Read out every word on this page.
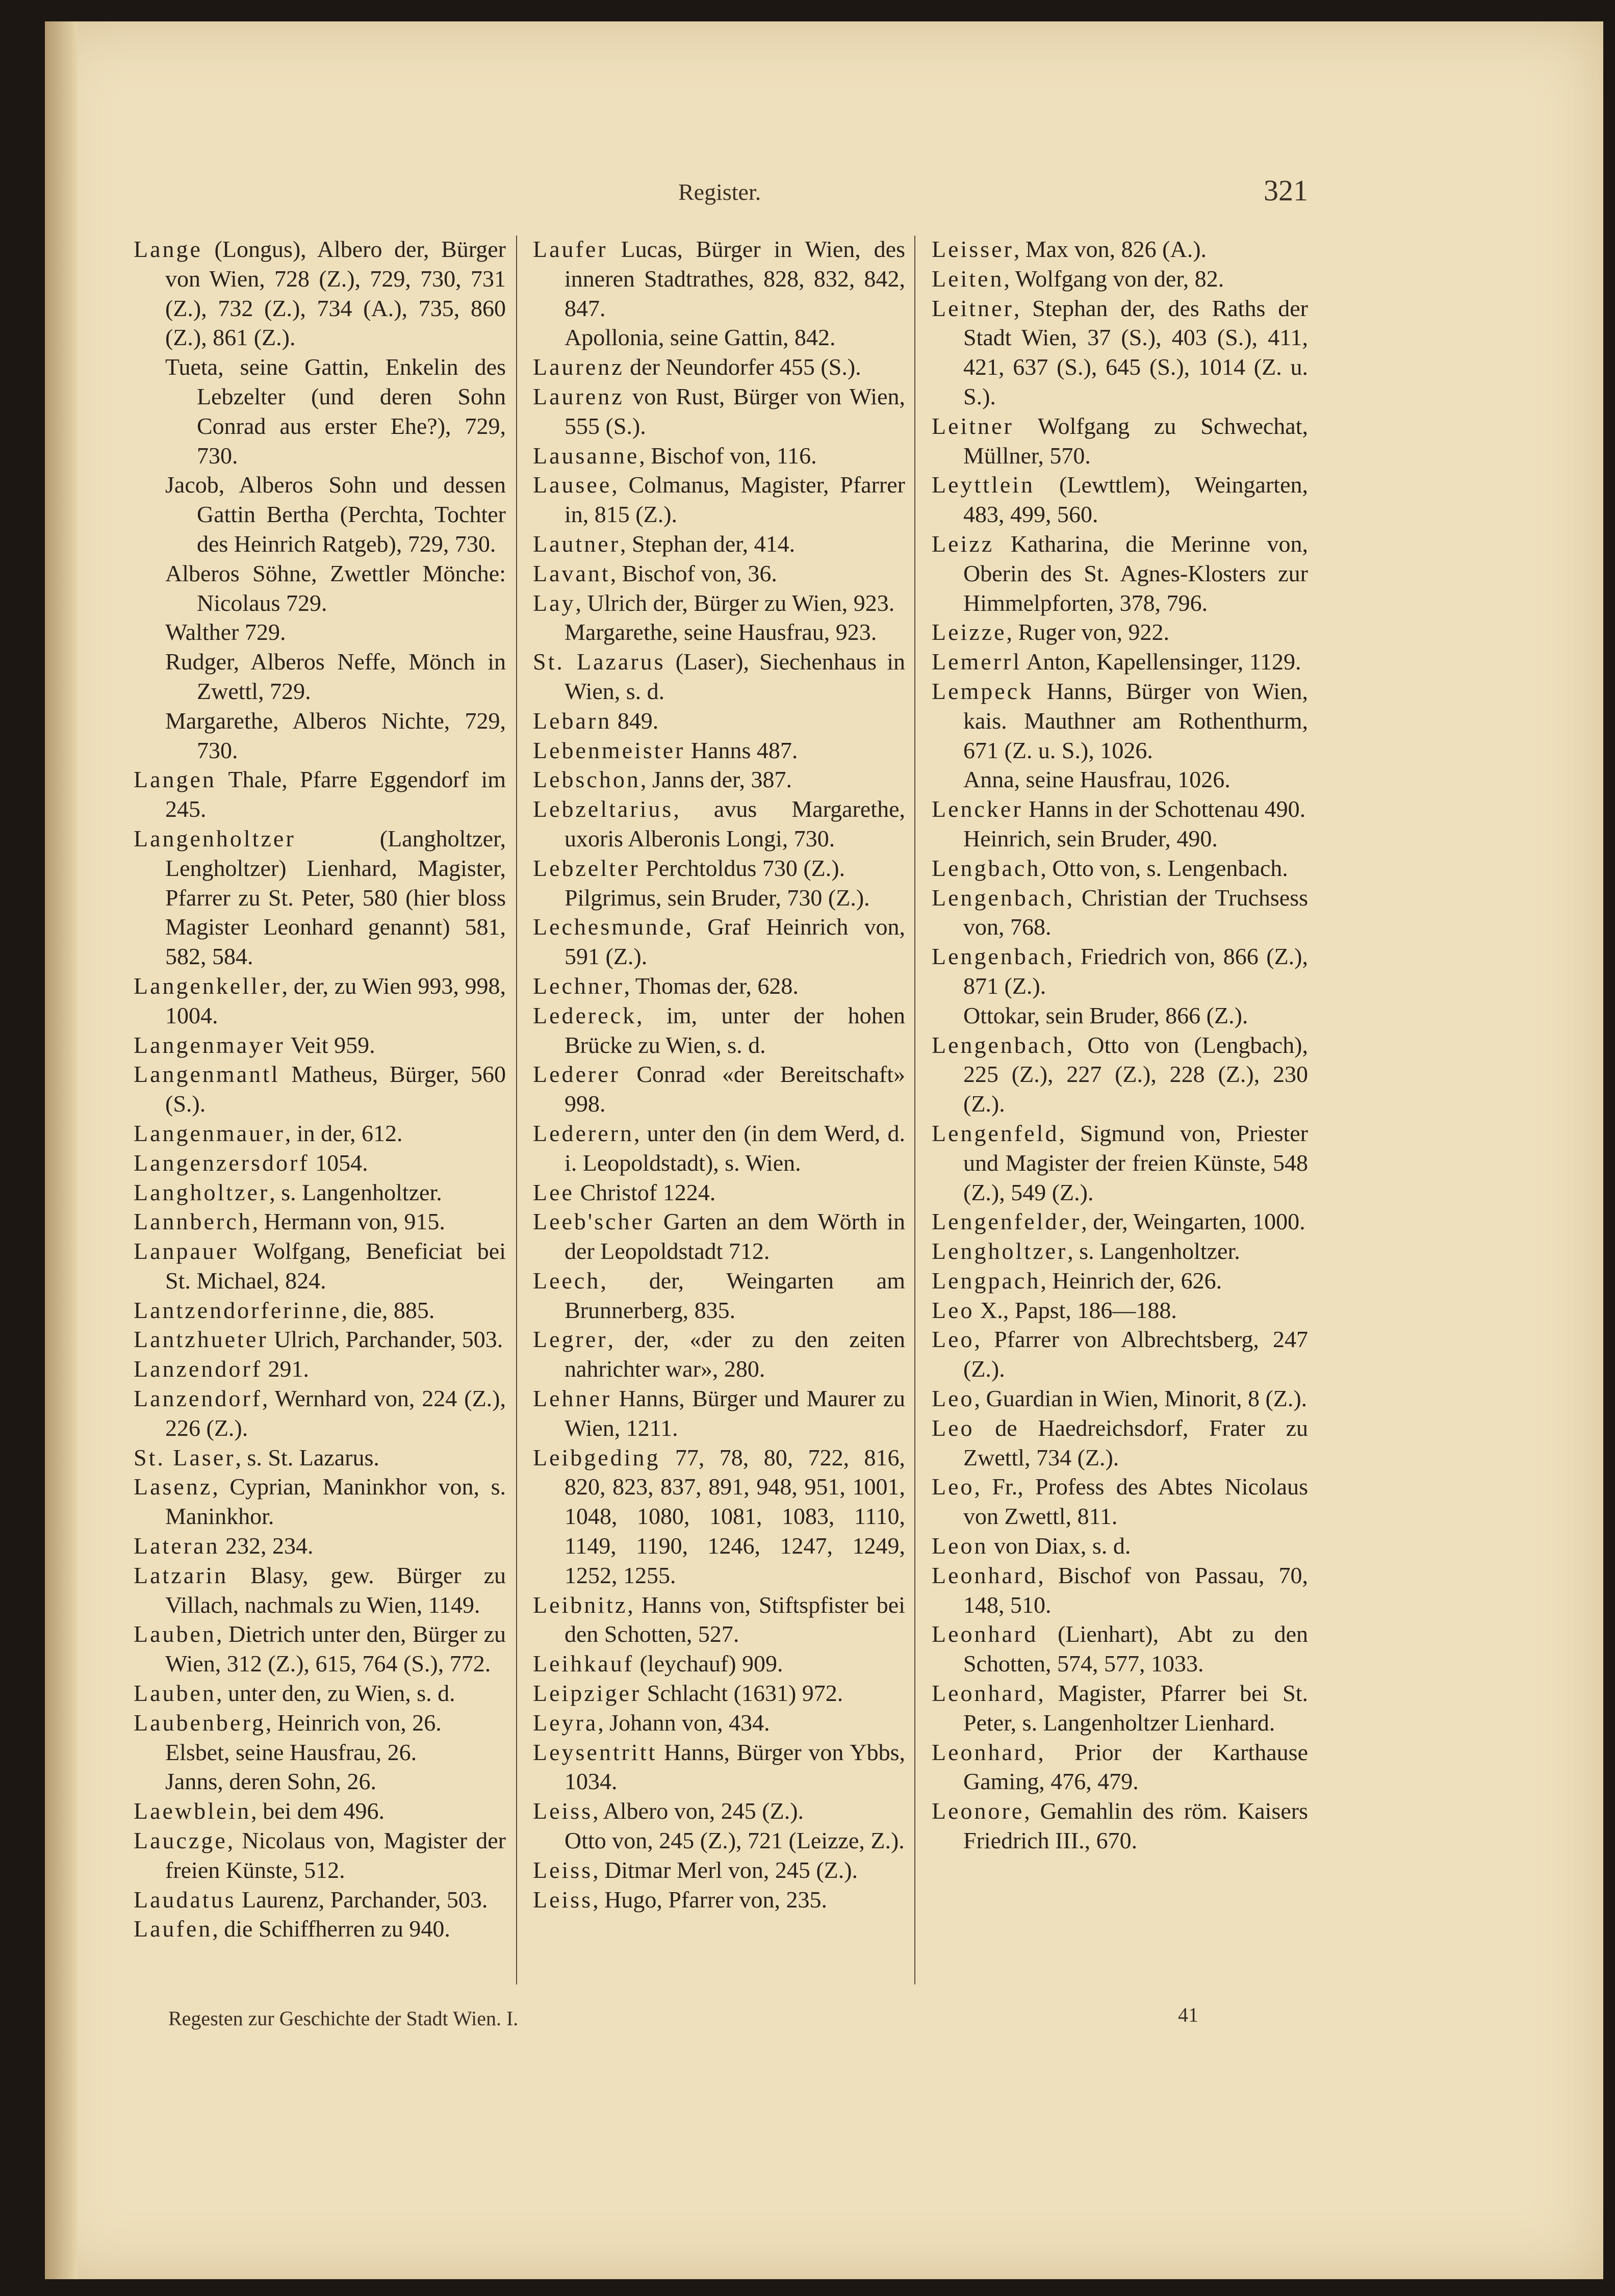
Register.	321

Lange (Longus), Albero der, Bürger von Wien, 728 (Z.), 729, 730, 731 (Z.), 732 (Z.), 734 (A.), 735, 860 (Z.), 861 (Z.).

Tueta, seine Gattin, Enkelin des Lebzelter (und deren Sohn Conrad aus erster Ehe?), 729, 730.

Jacob, Alberos Sohn und dessen Gattin Bertha (Perchta, Tochter des Heinrich Ratgeb), 729, 730.

Alberos Söhne, Zwettler Mönche: Nicolaus 729.

Walther 729.

Rudger, Alberos Neffe, Mönch in Zwettl, 729.

Margarethe, Alberos Nichte, 729, 730.

Langen Thale, Pfarre Eggendorf im 245.

Langenholtzer (Langholtzer, Lengholtzer) Lienhard, Magister, Pfarrer zu St. Peter, 580 (hier bloss Magister Leonhard genannt) 581, 582, 584.

Langenkeller, der, zu Wien 993, 998, 1004.

Langenmayer Veit 959.

Langenmantl Matheus, Bürger, 560 (S.).

Langenmauer, in der, 612.

Langenzersdorf 1054.

Langholtzer, s. Langenholtzer.

Lannberch, Hermann von, 915.

Lanpauer Wolfgang, Beneficiat bei St. Michael, 824.

Lantzendorferinne, die, 885.

Lantzhueter Ulrich, Parchander, 503.

Lanzendorf 291.

Lanzendorf, Wernhard von, 224 (Z.), 226 (Z.).

St. Laser, s. St. Lazarus.

Lasenz, Cyprian, Maninkhor von, s. Maninkhor.

Lateran 232, 234.

Latzarin Blasy, gew. Bürger zu Villach, nachmals zu Wien, 1149.

Lauben, Dietrich unter den, Bürger zu Wien, 312 (Z.), 615, 764 (S.), 772.

Lauben, unter den, zu Wien, s. d.

Laubenberg, Heinrich von, 26.

Elsbet, seine Hausfrau, 26.

Janns, deren Sohn, 26.

Laewblein, bei dem 496.

Lauczge, Nicolaus von, Magister der freien Künste, 512.

Laudatus Laurenz, Parchander, 503.

Laufen, die Schiffherren zu 940.

Laufer Lucas, Bürger in Wien, des inneren Stadtrathes, 828, 832, 842, 847.

Apollonia, seine Gattin, 842.

Laurenz der Neundorfer 455 (S.).

Laurenz von Rust, Bürger von Wien, 555 (S.).

Lausanne, Bischof von, 116.

Lausee, Colmanus, Magister, Pfarrer in, 815 (Z.).

Lautner, Stephan der, 414.

Lavant, Bischof von, 36.

Lay, Ulrich der, Bürger zu Wien, 923.

Margarethe, seine Hausfrau, 923.

St. Lazarus (Laser), Siechenhaus in Wien, s. d.

Lebarn 849.

Lebenmeister Hanns 487.

Lebschon, Janns der, 387.

Lebzeltarius, avus Margarethe, uxoris Alberonis Longi, 730.

Lebzelter Perchtoldus 730 (Z.).

Pilgrimus, sein Bruder, 730 (Z.).

Lechesmunde, Graf Heinrich von, 591 (Z.).

Lechner, Thomas der, 628.

Ledereck, im, unter der hohen Brücke zu Wien, s. d.

Lederer Conrad «der Bereitschaft» 998.

Lederern, unter den (in dem Werd, d. i. Leopoldstadt), s. Wien.

Lee Christof 1224.

Leeb'scher Garten an dem Wörth in der Leopoldstadt 712.

Leech, der, Weingarten am Brunnerberg, 835.

Legrer, der, «der zu den zeiten nahrichter war», 280.

Lehner Hanns, Bürger und Maurer zu Wien, 1211.

Leibgeding 77, 78, 80, 722, 816, 820, 823, 837, 891, 948, 951, 1001, 1048, 1080, 1081, 1083, 1110, 1149, 1190, 1246, 1247, 1249, 1252, 1255.

Leibnitz, Hanns von, Stiftspfister bei den Schotten, 527.

Leihkauf (leychauf) 909.

Leipziger Schlacht (1631) 972.

Leyra, Johann von, 434.

Leysentritt Hanns, Bürger von Ybbs, 1034.

Leiss, Albero von, 245 (Z.).

Otto von, 245 (Z.), 721 (Leizze, Z.).

Leiss, Ditmar Merl von, 245 (Z.).

Leiss, Hugo, Pfarrer von, 235.

Leisser, Max von, 826 (A.).

Leiten, Wolfgang von der, 82.

Leitner, Stephan der, des Raths der Stadt Wien, 37 (S.), 403 (S.), 411, 421, 637 (S.), 645 (S.), 1014 (Z. u. S.).

Leitner Wolfgang zu Schwechat, Müllner, 570.

Leyttlein (Lewttlem), Weingarten, 483, 499, 560.

Leizz Katharina, die Merinne von, Oberin des St. Agnes-Klosters zur Himmelpforten, 378, 796.

Leizze, Ruger von, 922.

Lemerrl Anton, Kapellensinger, 1129.

Lempeck Hanns, Bürger von Wien, kais. Mauthner am Rothenthurm, 671 (Z. u. S.), 1026.

Anna, seine Hausfrau, 1026.

Lencker Hanns in der Schottenau 490.

Heinrich, sein Bruder, 490.

Lengbach, Otto von, s. Lengenbach.

Lengenbach, Christian der Truchsess von, 768.

Lengenbach, Friedrich von, 866 (Z.), 871 (Z.).

Ottokar, sein Bruder, 866 (Z.).

Lengenbach, Otto von (Lengbach), 225 (Z.), 227 (Z.), 228 (Z.), 230 (Z.).

Lengenfeld, Sigmund von, Priester und Magister der freien Künste, 548 (Z.), 549 (Z.).

Lengenfelder, der, Weingarten, 1000.

Lengholtzer, s. Langenholtzer.

Lengpach, Heinrich der, 626.

Leo X., Papst, 186—188.

Leo, Pfarrer von Albrechtsberg, 247 (Z.).

Leo, Guardian in Wien, Minorit, 8 (Z.).

Leo de Haedreichsdorf, Frater zu Zwettl, 734 (Z.).

Leo, Fr., Profess des Abtes Nicolaus von Zwettl, 811.

Leon von Diax, s. d.

Leonhard, Bischof von Passau, 70, 148, 510.

Leonhard (Lienhart), Abt zu den Schotten, 574, 577, 1033.

Leonhard, Magister, Pfarrer bei St. Peter, s. Langenholtzer Lienhard.

Leonhard, Prior der Karthause Gaming, 476, 479.

Leonore, Gemahlin des röm. Kaisers Friedrich III., 670.

Regesten zur Geschichte der Stadt Wien. I.	41
